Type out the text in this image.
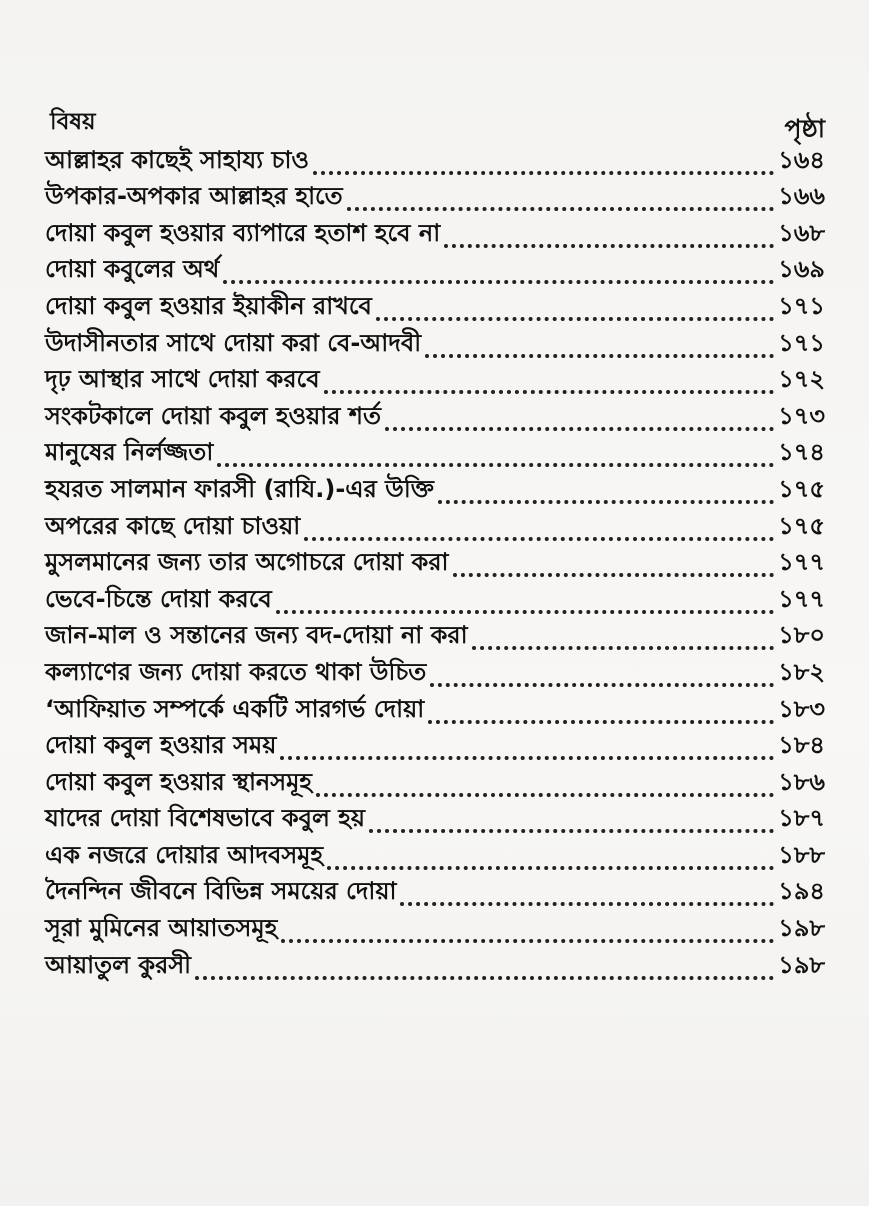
বিষয়	পৃষ্ঠা
আল্লাহর কাছেই সাহায্য চাও	১৬৪
উপকার-অপকার আল্লাহর হাতে	১৬৬
দোয়া কবুল হওয়ার ব্যাপারে হতাশ হবে না	১৬৮
দোয়া কবুলের অর্থ	১৬৯
দোয়া কবুল হওয়ার ইয়াকীন রাখবে	১৭১
উদাসীনতার সাথে দোয়া করা বে-আদবী	১৭১
দৃঢ় আস্থার সাথে দোয়া করবে	১৭২
সংকটকালে দোয়া কবুল হওয়ার শর্ত	১৭৩
মানুষের নির্লজ্জতা	১৭৪
হযরত সালমান ফারসী (রাযি.)-এর উক্তি	১৭৫
অপরের কাছে দোয়া চাওয়া	১৭৫
মুসলমানের জন্য তার অগোচরে দোয়া করা	১৭৭
ভেবে-চিন্তে দোয়া করবে	১৭৭
জান-মাল ও সন্তানের জন্য বদ-দোয়া না করা	১৮০
কল্যাণের জন্য দোয়া করতে থাকা উচিত	১৮২
‘আফিয়াত সম্পর্কে একটি সারগর্ভ দোয়া	১৮৩
দোয়া কবুল হওয়ার সময়	১৮৪
দোয়া কবুল হওয়ার স্থানসমূহ	১৮৬
যাদের দোয়া বিশেষভাবে কবুল হয়	১৮৭
এক নজরে দোয়ার আদবসমূহ	১৮৮
দৈনন্দিন জীবনে বিভিন্ন সময়ের দোয়া	১৯৪
সূরা মুমিনের আয়াতসমূহ	১৯৮
আয়াতুল কুরসী	১৯৮
